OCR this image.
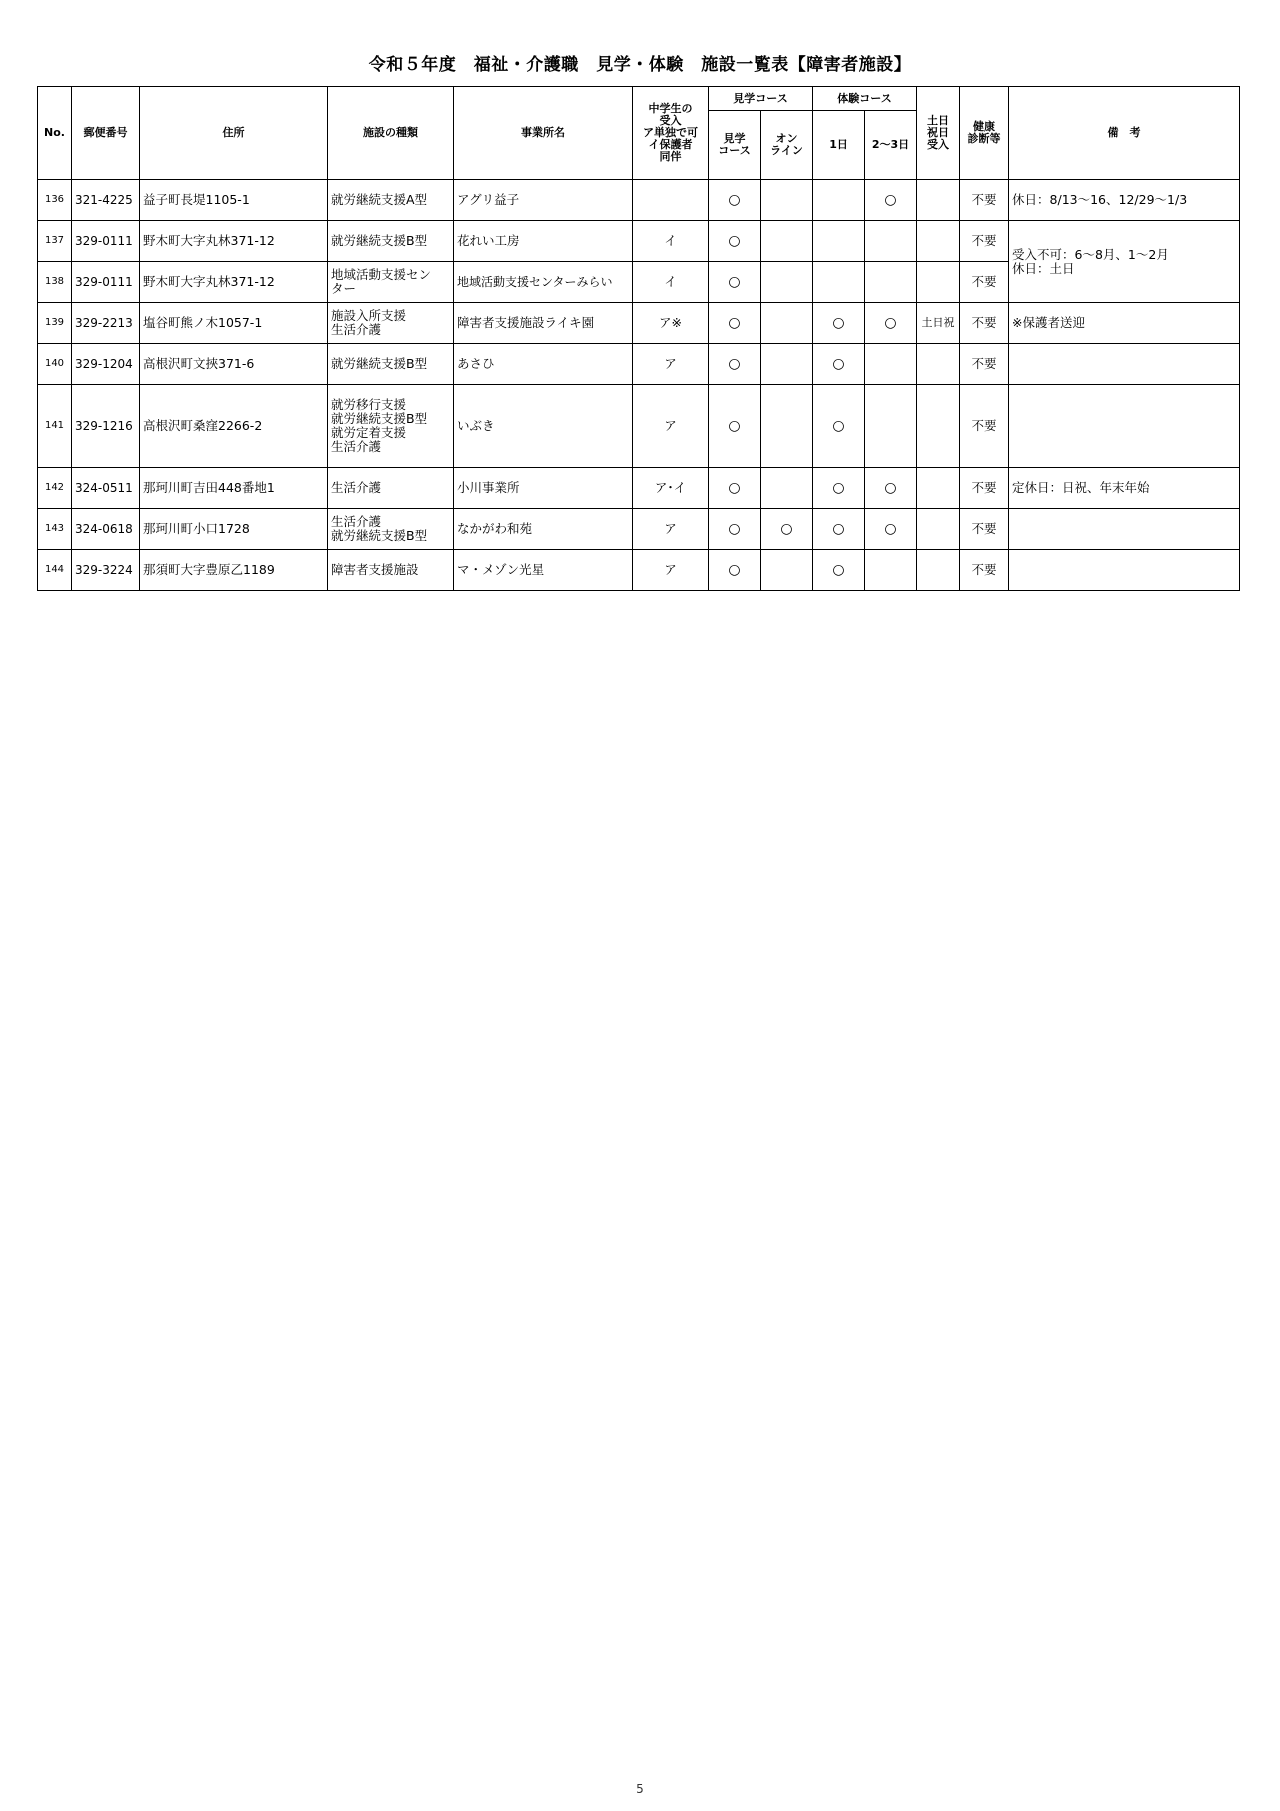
令和５年度　福祉・介護職　見学・体験　施設一覧表【障害者施設】
No.	郵便番号	住所	施設の種類	事業所名	中学生の
受入
ア単独で可
イ保護者
同伴	見学コース		体験コース		土日
祝日
受入	健康
診断等	備　考

						見学
コース	オン
ライン	1日	2～3日			
136	321-4225	益子町長堤1105-1	就労継続支援A型	アグリ益子		○			○		不要	休日：8/13～16、12/29～1/3
137	329-0111	野木町大字丸林371-12	就労継続支援B型	花れい工房	イ	○					不要	受入不可：6～8月、1～2月
休日：土日

138	329-0111	野木町大字丸林371-12	地域活動支援セン
ター	地域活動支援センターみらい	イ	○					不要	
139	329-2213	塩谷町熊ノ木1057-1	施設入所支援
生活介護	障害者支援施設ライキ園	ア※	○		○	○	土日祝	不要	※保護者送迎
140	329-1204	高根沢町文挾371-6	就労継続支援B型	あさひ	ア	○		○			不要	
141	329-1216	高根沢町桑窪2266-2	就労移行支援
就労継続支援B型
就労定着支援
生活介護	いぶき	ア	○		○			不要	
142	324-0511	那珂川町吉田448番地1	生活介護	小川事業所	ア･イ	○		○	○		不要	定休日：日祝、年末年始
143	324-0618	那珂川町小口1728	生活介護
就労継続支援B型	なかがわ和苑	ア	○	○	○	○		不要	
144	329-3224	那須町大字豊原乙1189	障害者支援施設	マ・メゾン光星	ア	○		○			不要	
5
